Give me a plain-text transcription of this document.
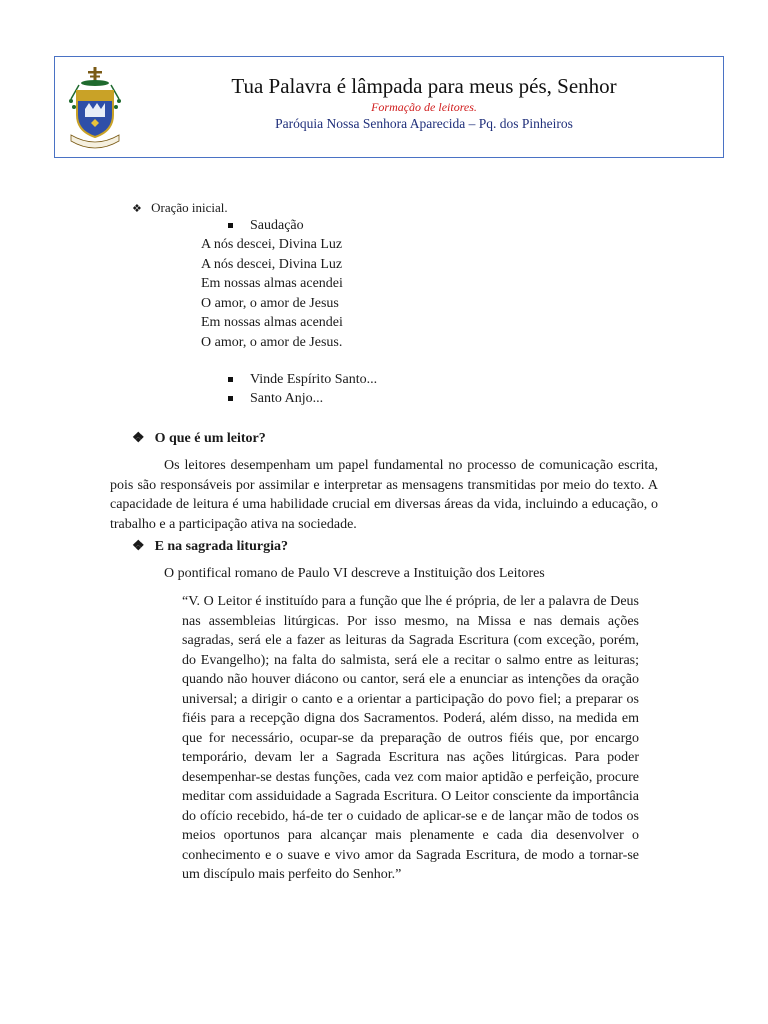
Tua Palavra é lâmpada para meus pés, Senhor
Formação de leitores.
Paróquia Nossa Senhora Aparecida – Pq. dos Pinheiros
❖ Oração inicial.
Saudação
A nós descei, Divina Luz
A nós descei, Divina Luz
Em nossas almas acendei
O amor, o amor de Jesus
Em nossas almas acendei
O amor, o amor de Jesus.
Vinde Espírito Santo...
Santo Anjo...
❖ O que é um leitor?

Os leitores desempenham um papel fundamental no processo de comunicação escrita, pois são responsáveis por assimilar e interpretar as mensagens transmitidas por meio do texto. A capacidade de leitura é uma habilidade crucial em diversas áreas da vida, incluindo a educação, o trabalho e a participação ativa na sociedade.

❖ E na sagrada liturgia?
O pontifical romano de Paulo VI descreve a Instituição dos Leitores

“V. O Leitor é instituído para a função que lhe é própria, de ler a palavra de Deus nas assembleias litúrgicas. Por isso mesmo, na Missa e nas demais ações sagradas, será ele a fazer as leituras da Sagrada Escritura (com exceção, porém, do Evangelho); na falta do salmista, será ele a recitar o salmo entre as leituras; quando não houver diácono ou cantor, será ele a enunciar as intenções da oração universal; a dirigir o canto e a orientar a participação do povo fiel; a preparar os fiéis para a recepção digna dos Sacramentos. Poderá, além disso, na medida em que for necessário, ocupar-se da preparação de outros fiéis que, por encargo temporário, devam ler a Sagrada Escritura nas ações litúrgicas. Para poder desempenhar-se destas funções, cada vez com maior aptidão e perfeição, procure meditar com assiduidade a Sagrada Escritura. O Leitor consciente da importância do ofício recebido, há-de ter o cuidado de aplicar-se e de lançar mão de todos os meios oportunos para alcançar mais plenamente e cada dia desenvolver o conhecimento e o suave e vivo amor da Sagrada Escritura, de modo a tornar-se um discípulo mais perfeito do Senhor.”
